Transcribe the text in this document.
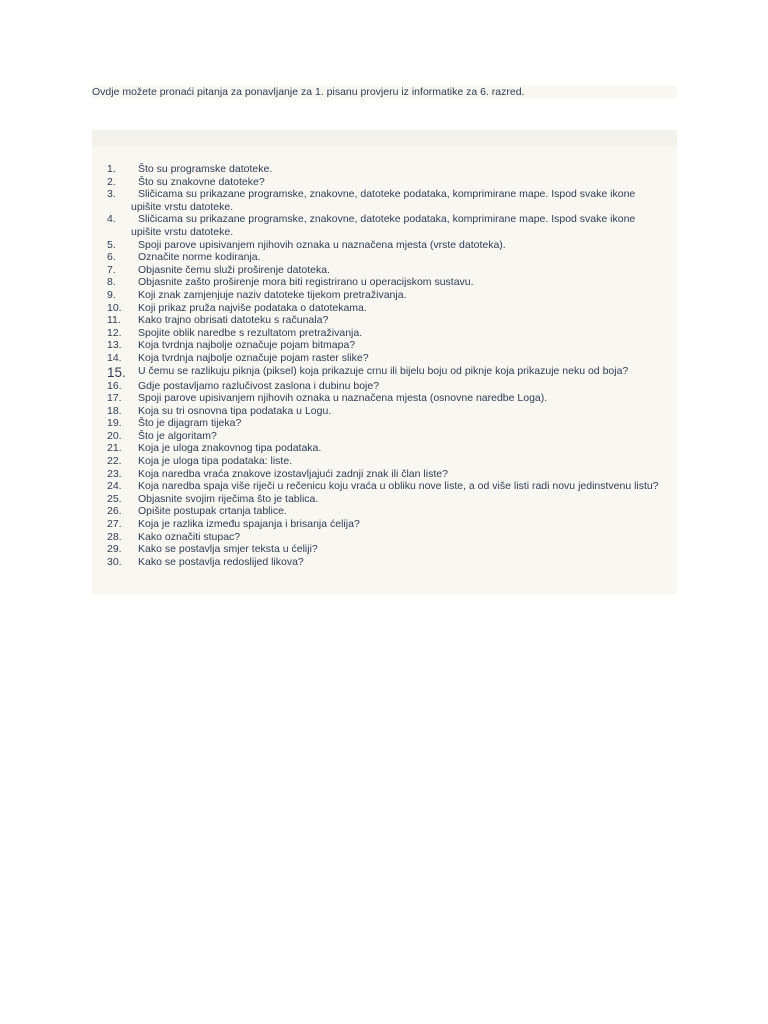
Ovdje možete pronaći pitanja za ponavljanje za 1. pisanu provjeru iz informatike za 6. razred.
1.	Što su programske datoteke.
2.	Što su znakovne datoteke?
3.	Sličicama su prikazane programske, znakovne, datoteke podataka, komprimirane mape. Ispod svake ikone upišite vrstu datoteke.
4.	Sličicama su prikazane programske, znakovne, datoteke podataka, komprimirane mape. Ispod svake ikone upišite vrstu datoteke.
5.	Spoji parove upisivanjem njihovih oznaka u naznačena mjesta (vrste datoteka).
6.	Označite norme kodiranja.
7.	Objasnite čemu služi proširenje datoteka.
8.	Objasnite zašto proširenje mora biti registrirano u operacijskom sustavu.
9.	Koji znak zamjenjuje naziv datoteke tijekom pretraživanja.
10.	Koji prikaz pruža najviše podataka o datotekama.
11.	Kako trajno obrisati datoteku s računala?
12.	Spojite oblik naredbe s rezultatom pretraživanja.
13.	Koja tvrdnja najbolje označuje pojam bitmapa?
14.	Koja tvrdnja najbolje označuje pojam raster slike?
15.	U čemu se razlikuju piknja (piksel) koja prikazuje crnu ili bijelu boju od piknje koja prikazuje neku od boja?
16.	Gdje postavljamo razlučivost zaslona i dubinu boje?
17.	Spoji parove upisivanjem njihovih oznaka u naznačena mjesta (osnovne naredbe Loga).
18.	Koja su tri osnovna tipa podataka u Logu.
19.	Što je dijagram tijeka?
20.	Što je algoritam?
21.	Koja je uloga znakovnog tipa podataka.
22.	Koja je uloga tipa podataka: liste.
23.	Koja naredba vraća znakove izostavljajući zadnji znak ili član liste?
24.	Koja naredba spaja više riječi u rečenicu koju vraća u obliku nove liste, a od više listi radi novu jedinstvenu listu?
25.	Objasnite svojim riječima što je tablica.
26.	Opišite postupak crtanja tablice.
27.	Koja je razlika između spajanja i brisanja ćelija?
28.	Kako označiti stupac?
29.	Kako se postavlja smjer teksta u ćeliji?
30.	Kako se postavlja redoslijed likova?
